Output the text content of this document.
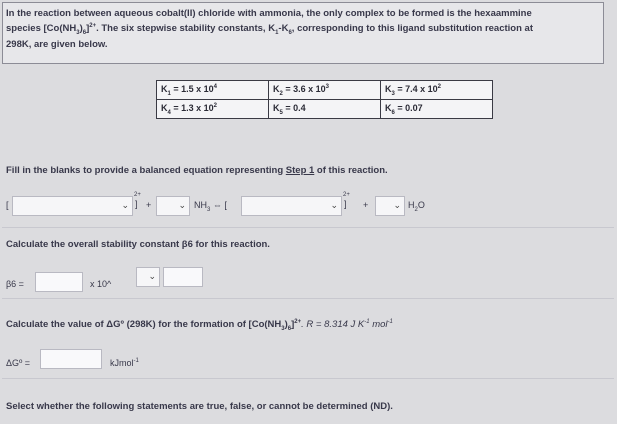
In the reaction between aqueous cobalt(II) chloride with ammonia, the only complex to be formed is the hexaammine
species $[Co(NH_3)_6]^{2+}$. The six stepwise stability constants, $K_1-K_6$, corresponding to this ligand substitution reaction at
298K, are given below.
$K_1 = 1.5$ x $10^4$	$K_2 = 3.6$ x $10^3$	$K_3 = 7.4$ x $10^2$
$K_4 = 1.3$ x $10^2$	$K_5 = 0.4$	$K_6 = 0.07$
Fill in the blanks to provide a balanced equation representing Step 1 of this reaction.
[	⌄
2+
] +	⌄ $NH_3$ ⇔ [	⌄
2+
] +	⌄ $H_2O$
Calculate the overall stability constant β6 for this reaction.
β6 =	x 10^
⌄
Calculate the value of ΔGº (298K) for the formation of $[Co(NH_3)_6]^{2+}$. R = 8.314 J $K^{-1}$ mol$^{-1}$
ΔGº =	kJmol$^{-1}$
Select whether the following statements are true, false, or cannot be determined (ND).
